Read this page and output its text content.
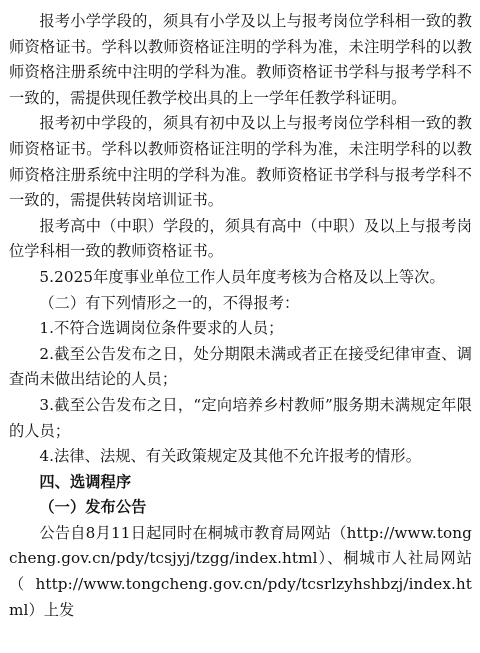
报考小学学段的，须具有小学及以上与报考岗位学科相一致的教师资格证书。学科以教师资格证注明的学科为准，未注明学科的以教师资格注册系统中注明的学科为准。教师资格证书学科与报考学科不一致的，需提供现任教学校出具的上一学年任教学科证明。

报考初中学段的，须具有初中及以上与报考岗位学科相一致的教师资格证书。学科以教师资格证注明的学科为准，未注明学科的以教师资格注册系统中注明的学科为准。教师资格证书学科与报考学科不一致的，需提供转岗培训证书。

报考高中（中职）学段的，须具有高中（中职）及以上与报考岗位学科相一致的教师资格证书。

5.2025年度事业单位工作人员年度考核为合格及以上等次。

（二）有下列情形之一的，不得报考：

1.不符合选调岗位条件要求的人员；

2.截至公告发布之日，处分期限未满或者正在接受纪律审查、调查尚未做出结论的人员；

3.截至公告发布之日，“定向培养乡村教师”服务期未满规定年限的人员；

4.法律、法规、有关政策规定及其他不允许报考的情形。

四、选调程序

（一）发布公告

公告自8月11日起同时在桐城市教育局网站（http://www.tongcheng.gov.cn/pdy/tcsjyj/tzgg/index.html）、桐城市人社局网站（http://www.tongcheng.gov.cn/pdy/tcsrlzyhshbzj/index.html）上发
